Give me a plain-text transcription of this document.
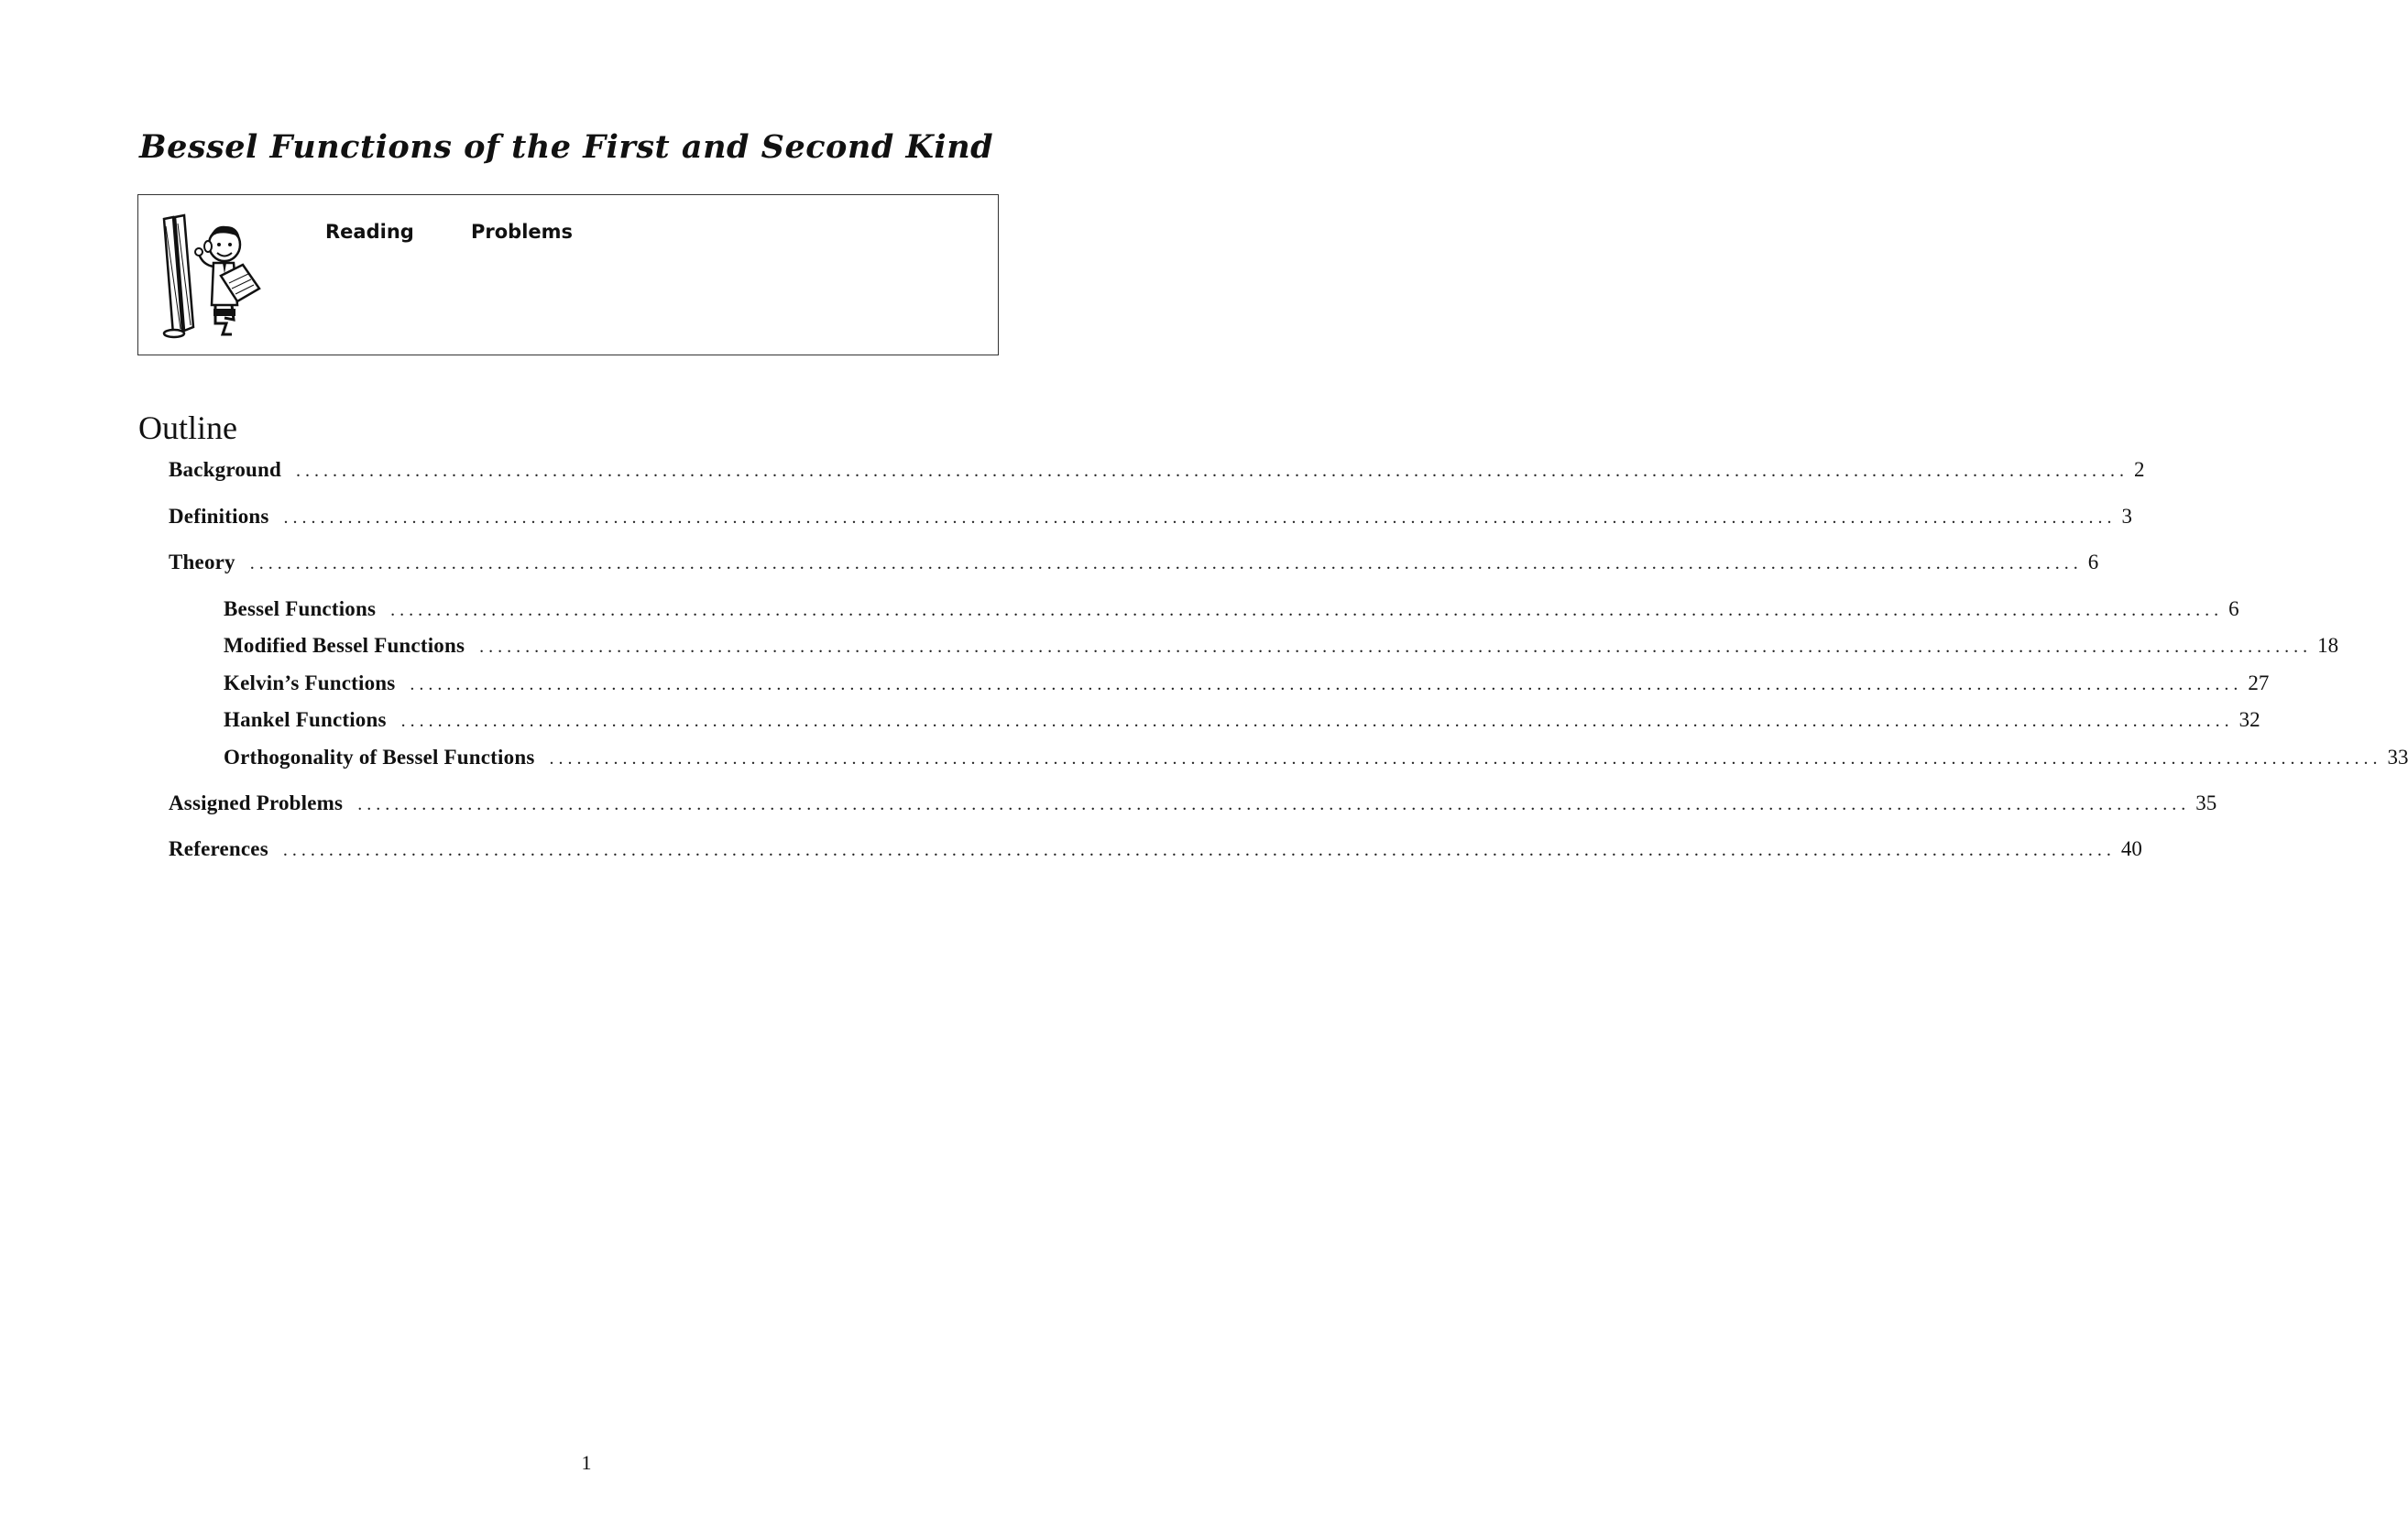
Bessel Functions of the First and Second Kind
Reading	Problems
Outline
Background ........................................................................................................................................................................................................ 2
Definitions ........................................................................................................................................................................................................ 3
Theory ........................................................................................................................................................................................................ 6
Bessel Functions ........................................................................................................................................................................................................ 6
Modified Bessel Functions ........................................................................................................................................................................................................ 18
Kelvin’s Functions ........................................................................................................................................................................................................ 27
Hankel Functions ........................................................................................................................................................................................................ 32
Orthogonality of Bessel Functions ........................................................................................................................................................................................................ 33
Assigned Problems ........................................................................................................................................................................................................ 35
References ........................................................................................................................................................................................................ 40
1
